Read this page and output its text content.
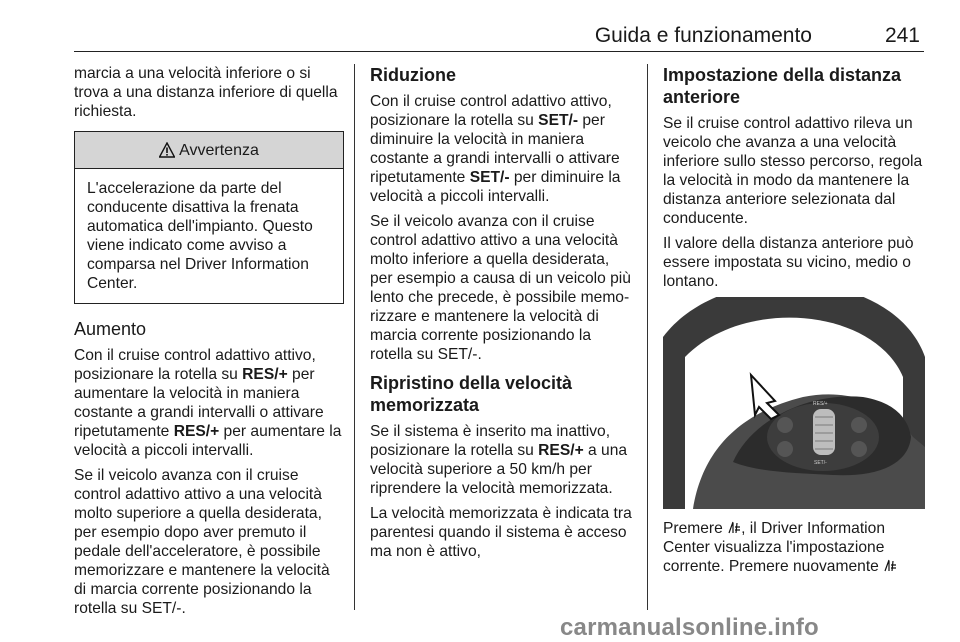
Guida e funzionamento	241

marcia a una velocità inferiore o si trova a una distanza inferiore di quella richiesta.

Avvertenza
L'accelerazione da parte del conducente disattiva la frenata automatica dell'impianto. Questo viene indicato come avviso a comparsa nel Driver Information Center.
Aumento

Con il cruise control adattivo attivo, posizionare la rotella su RES/+ per aumentare la velocità in maniera costante a grandi intervalli o attivare ripetutamente RES/+ per aumentare la velocità a piccoli intervalli.

Se il veicolo avanza con il cruise control adattivo attivo a una velocità molto superiore a quella desiderata, per esempio dopo aver premuto il pedale dell'acceleratore, è possibile memorizzare e mantenere la velocità di marcia corrente posizionando la rotella su SET/-.

Riduzione

Con il cruise control adattivo attivo, posizionare la rotella su SET/- per diminuire la velocità in maniera costante a grandi intervalli o attivare ripetutamente SET/- per diminuire la velocità a piccoli intervalli.

Se il veicolo avanza con il cruise control adattivo attivo a una velocità molto inferiore a quella desiderata, per esempio a causa di un veicolo più lento che precede, è possibile memorizzare e mantenere la velocità di marcia corrente posizionando la rotella su SET/-.

Ripristino della velocità memorizzata

Se il sistema è inserito ma inattivo, posizionare la rotella su RES/+ a una velocità superiore a 50 km/h per riprendere la velocità memorizzata.

La velocità memorizzata è indicata tra parentesi quando il sistema è acceso ma non è attivo,

Impostazione della distanza anteriore

Se il cruise control adattivo rileva un veicolo che avanza a una velocità inferiore sullo stesso percorso, regola la velocità in modo da mantenere la distanza anteriore selezionata dal conducente.

Il valore della distanza anteriore può essere impostata su vicino, medio o lontano.

RES/+
SET/-

Premere , il Driver Information Center visualizza l'impostazione corrente. Premere nuovamente

carmanualsonline.info
